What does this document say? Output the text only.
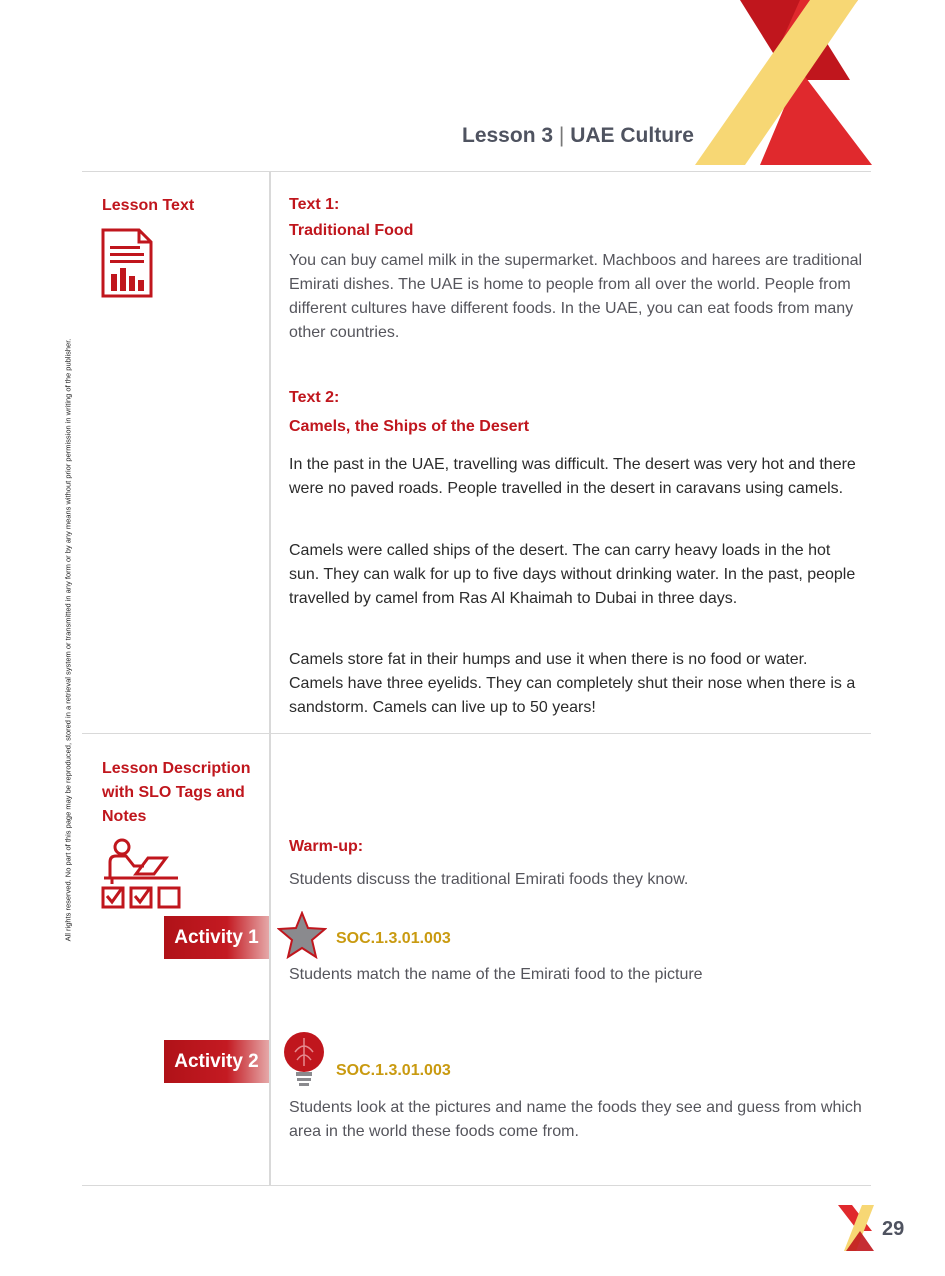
Lesson 3 | UAE Culture
All rights reserved. No part of this page may be reproduced, stored in a retrieval system or transmitted in any form or by any means without prior permission in writing of the publisher.
Lesson Text	Text 1:
Traditional Food

You can buy camel milk in the supermarket. Machboos and harees are traditional Emirati dishes. The UAE is home to people from all over the world. People from different cultures have different foods. In the UAE, you can eat foods from many other countries.

Text 2:
Camels, the Ships of the Desert

In the past in the UAE, travelling was difficult. The desert was very hot and there were no paved roads. People travelled in the desert in caravans using camels.

Camels were called ships of the desert. The can carry heavy loads in the hot sun. They can walk for up to five days without drinking water. In the past, people travelled by camel from Ras Al Khaimah to Dubai in three days.

Camels store fat in their humps and use it when there is no food or water. Camels have three eyelids. They can completely shut their nose when there is a sandstorm. Camels can live up to 50 years!

Lesson Description with SLO Tags and Notes
Warm-up:

Students discuss the traditional Emirati foods they know.

Activity 1	SOC.1.3.01.003

Students match the name of the Emirati food to the picture

Activity 2	SOC.1.3.01.003

Students look at the pictures and name the foods they see and guess from which area in the world these foods come from.

29
